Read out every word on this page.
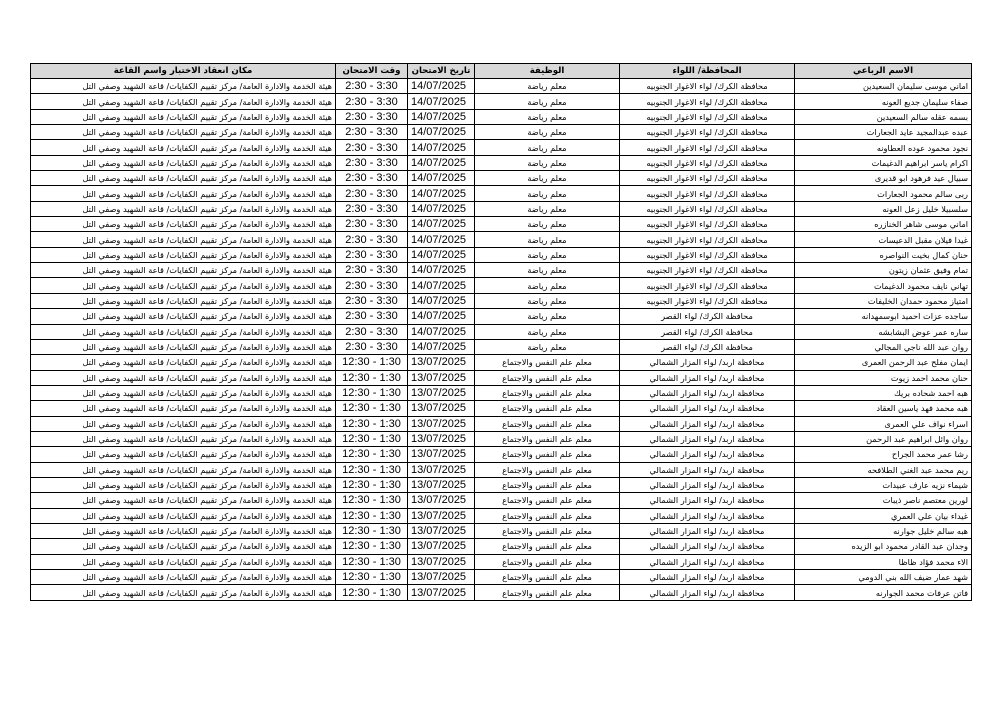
الاسم الرباعي	المحافظة/ اللواء	الوظيفة	تاريخ الامتحان	وقت الامتحان	مكان انعقاد الاختبار واسم القاعة
اماني موسى سليمان السعيدين	محافظة الكرك/ لواء الاغوار الجنوبيه	معلم رياضة	14/07/2025	2:30 - 3:30	هيئة الخدمة والادارة العامة/ مركز تقييم الكفايات/ قاعة الشهيد وصفي التل
صفاء سليمان جديع العونه	محافظة الكرك/ لواء الاغوار الجنوبيه	معلم رياضة	14/07/2025	2:30 - 3:30	هيئة الخدمة والادارة العامة/ مركز تقييم الكفايات/ قاعة الشهيد وصفي التل
بسمه عقله سالم السعيدين	محافظة الكرك/ لواء الاغوار الجنوبيه	معلم رياضة	14/07/2025	2:30 - 3:30	هيئة الخدمة والادارة العامة/ مركز تقييم الكفايات/ قاعة الشهيد وصفي التل
عبده عبدالمجيد عايد الجعارات	محافظة الكرك/ لواء الاغوار الجنوبيه	معلم رياضة	14/07/2025	2:30 - 3:30	هيئة الخدمة والادارة العامة/ مركز تقييم الكفايات/ قاعة الشهيد وصفي التل
نجود محمود عوده العطاونه	محافظة الكرك/ لواء الاغوار الجنوبيه	معلم رياضة	14/07/2025	2:30 - 3:30	هيئة الخدمة والادارة العامة/ مركز تقييم الكفايات/ قاعة الشهيد وصفي التل
اكرام ياسر ابراهيم الدغيمات	محافظة الكرك/ لواء الاغوار الجنوبيه	معلم رياضة	14/07/2025	2:30 - 3:30	هيئة الخدمة والادارة العامة/ مركز تقييم الكفايات/ قاعة الشهيد وصفي التل
سبيال عيد فرهود ابو قديرى	محافظة الكرك/ لواء الاغوار الجنوبيه	معلم رياضة	14/07/2025	2:30 - 3:30	هيئة الخدمة والادارة العامة/ مركز تقييم الكفايات/ قاعة الشهيد وصفي التل
ربى سالم محمود الجعارات	محافظة الكرك/ لواء الاغوار الجنوبيه	معلم رياضة	14/07/2025	2:30 - 3:30	هيئة الخدمة والادارة العامة/ مركز تقييم الكفايات/ قاعة الشهيد وصفي التل
سلسبيلا خليل زعل العونه	محافظة الكرك/ لواء الاغوار الجنوبيه	معلم رياضة	14/07/2025	2:30 - 3:30	هيئة الخدمة والادارة العامة/ مركز تقييم الكفايات/ قاعة الشهيد وصفي التل
اماني موسى شاهر الخنازره	محافظة الكرك/ لواء الاغوار الجنوبيه	معلم رياضة	14/07/2025	2:30 - 3:30	هيئة الخدمة والادارة العامة/ مركز تقييم الكفايات/ قاعة الشهيد وصفي التل
غيدا فيلان مقبل الدعيسات	محافظة الكرك/ لواء الاغوار الجنوبيه	معلم رياضة	14/07/2025	2:30 - 3:30	هيئة الخدمة والادارة العامة/ مركز تقييم الكفايات/ قاعة الشهيد وصفي التل
حنان كمال بخيت النواصره	محافظة الكرك/ لواء الاغوار الجنوبيه	معلم رياضة	14/07/2025	2:30 - 3:30	هيئة الخدمة والادارة العامة/ مركز تقييم الكفايات/ قاعة الشهيد وصفي التل
تمام وفيق عثمان زيتون	محافظة الكرك/ لواء الاغوار الجنوبيه	معلم رياضة	14/07/2025	2:30 - 3:30	هيئة الخدمة والادارة العامة/ مركز تقييم الكفايات/ قاعة الشهيد وصفي التل
تهاني نايف محمود الدغيمات	محافظة الكرك/ لواء الاغوار الجنوبيه	معلم رياضة	14/07/2025	2:30 - 3:30	هيئة الخدمة والادارة العامة/ مركز تقييم الكفايات/ قاعة الشهيد وصفي التل
امتياز محمود حمدان الخليفات	محافظة الكرك/ لواء الاغوار الجنوبيه	معلم رياضة	14/07/2025	2:30 - 3:30	هيئة الخدمة والادارة العامة/ مركز تقييم الكفايات/ قاعة الشهيد وصفي التل
ساجده عزات احميد ابوسمهدانه	محافظة الكرك/ لواء القصر	معلم رياضة	14/07/2025	2:30 - 3:30	هيئة الخدمة والادارة العامة/ مركز تقييم الكفايات/ قاعة الشهيد وصفي التل
ساره عمر عوض البشابشه	محافظة الكرك/ لواء القصر	معلم رياضة	14/07/2025	2:30 - 3:30	هيئة الخدمة والادارة العامة/ مركز تقييم الكفايات/ قاعة الشهيد وصفي التل
روان عبد الله ناجي المجالي	محافظة الكرك/ لواء القصر	معلم رياضة	14/07/2025	2:30 - 3:30	هيئة الخدمة والادارة العامة/ مركز تقييم الكفايات/ قاعة الشهيد وصفي التل
ايمان مفلح عبد الرحمن العمرى	محافظة اربد/ لواء المزار الشمالي	معلم علم النفس والاجتماع	13/07/2025	12:30 - 1:30	هيئة الخدمة والادارة العامة/ مركز تقييم الكفايات/ قاعة الشهيد وصفي التل
حنان محمد احمد زيوت	محافظة اربد/ لواء المزار الشمالي	معلم علم النفس والاجتماع	13/07/2025	12:30 - 1:30	هيئة الخدمة والادارة العامة/ مركز تقييم الكفايات/ قاعة الشهيد وصفي التل
هبه احمد شحاده بريك	محافظة اربد/ لواء المزار الشمالي	معلم علم النفس والاجتماع	13/07/2025	12:30 - 1:30	هيئة الخدمة والادارة العامة/ مركز تقييم الكفايات/ قاعة الشهيد وصفي التل
هبه محمد فهد ياسين العقاد	محافظة اربد/ لواء المزار الشمالي	معلم علم النفس والاجتماع	13/07/2025	12:30 - 1:30	هيئة الخدمة والادارة العامة/ مركز تقييم الكفايات/ قاعة الشهيد وصفي التل
اسراء نواف علي العمرى	محافظة اربد/ لواء المزار الشمالي	معلم علم النفس والاجتماع	13/07/2025	12:30 - 1:30	هيئة الخدمة والادارة العامة/ مركز تقييم الكفايات/ قاعة الشهيد وصفي التل
روان وائل ابراهيم عبد الرحمن	محافظة اربد/ لواء المزار الشمالي	معلم علم النفس والاجتماع	13/07/2025	12:30 - 1:30	هيئة الخدمة والادارة العامة/ مركز تقييم الكفايات/ قاعة الشهيد وصفي التل
رشا عمر محمد الجراح	محافظة اربد/ لواء المزار الشمالي	معلم علم النفس والاجتماع	13/07/2025	12:30 - 1:30	هيئة الخدمة والادارة العامة/ مركز تقييم الكفايات/ قاعة الشهيد وصفي التل
ريم محمد عبد الغني الطلافحه	محافظة اربد/ لواء المزار الشمالي	معلم علم النفس والاجتماع	13/07/2025	12:30 - 1:30	هيئة الخدمة والادارة العامة/ مركز تقييم الكفايات/ قاعة الشهيد وصفي التل
شيماء نزيه عارف عبيدات	محافظة اربد/ لواء المزار الشمالي	معلم علم النفس والاجتماع	13/07/2025	12:30 - 1:30	هيئة الخدمة والادارة العامة/ مركز تقييم الكفايات/ قاعة الشهيد وصفي التل
لورين معتصم ناصر ذيبات	محافظة اربد/ لواء المزار الشمالي	معلم علم النفس والاجتماع	13/07/2025	12:30 - 1:30	هيئة الخدمة والادارة العامة/ مركز تقييم الكفايات/ قاعة الشهيد وصفي التل
غيداء بيان علي العمري	محافظة اربد/ لواء المزار الشمالي	معلم علم النفس والاجتماع	13/07/2025	12:30 - 1:30	هيئة الخدمة والادارة العامة/ مركز تقييم الكفايات/ قاعة الشهيد وصفي التل
هبه سالم خليل جوارنه	محافظة اربد/ لواء المزار الشمالي	معلم علم النفس والاجتماع	13/07/2025	12:30 - 1:30	هيئة الخدمة والادارة العامة/ مركز تقييم الكفايات/ قاعة الشهيد وصفي التل
وجدان عبد القادر محمود ابو الزيده	محافظة اربد/ لواء المزار الشمالي	معلم علم النفس والاجتماع	13/07/2025	12:30 - 1:30	هيئة الخدمة والادارة العامة/ مركز تقييم الكفايات/ قاعة الشهيد وصفي التل
الاء محمد فؤاد ظاظا	محافظة اربد/ لواء المزار الشمالي	معلم علم النفس والاجتماع	13/07/2025	12:30 - 1:30	هيئة الخدمة والادارة العامة/ مركز تقييم الكفايات/ قاعة الشهيد وصفي التل
شهد عمار ضيف الله بني الدومي	محافظة اربد/ لواء المزار الشمالي	معلم علم النفس والاجتماع	13/07/2025	12:30 - 1:30	هيئة الخدمة والادارة العامة/ مركز تقييم الكفايات/ قاعة الشهيد وصفي التل
فاتن عرفات محمد الجوارنه	محافظة اربد/ لواء المزار الشمالي	معلم علم النفس والاجتماع	13/07/2025	12:30 - 1:30	هيئة الخدمة والادارة العامة/ مركز تقييم الكفايات/ قاعة الشهيد وصفي التل
